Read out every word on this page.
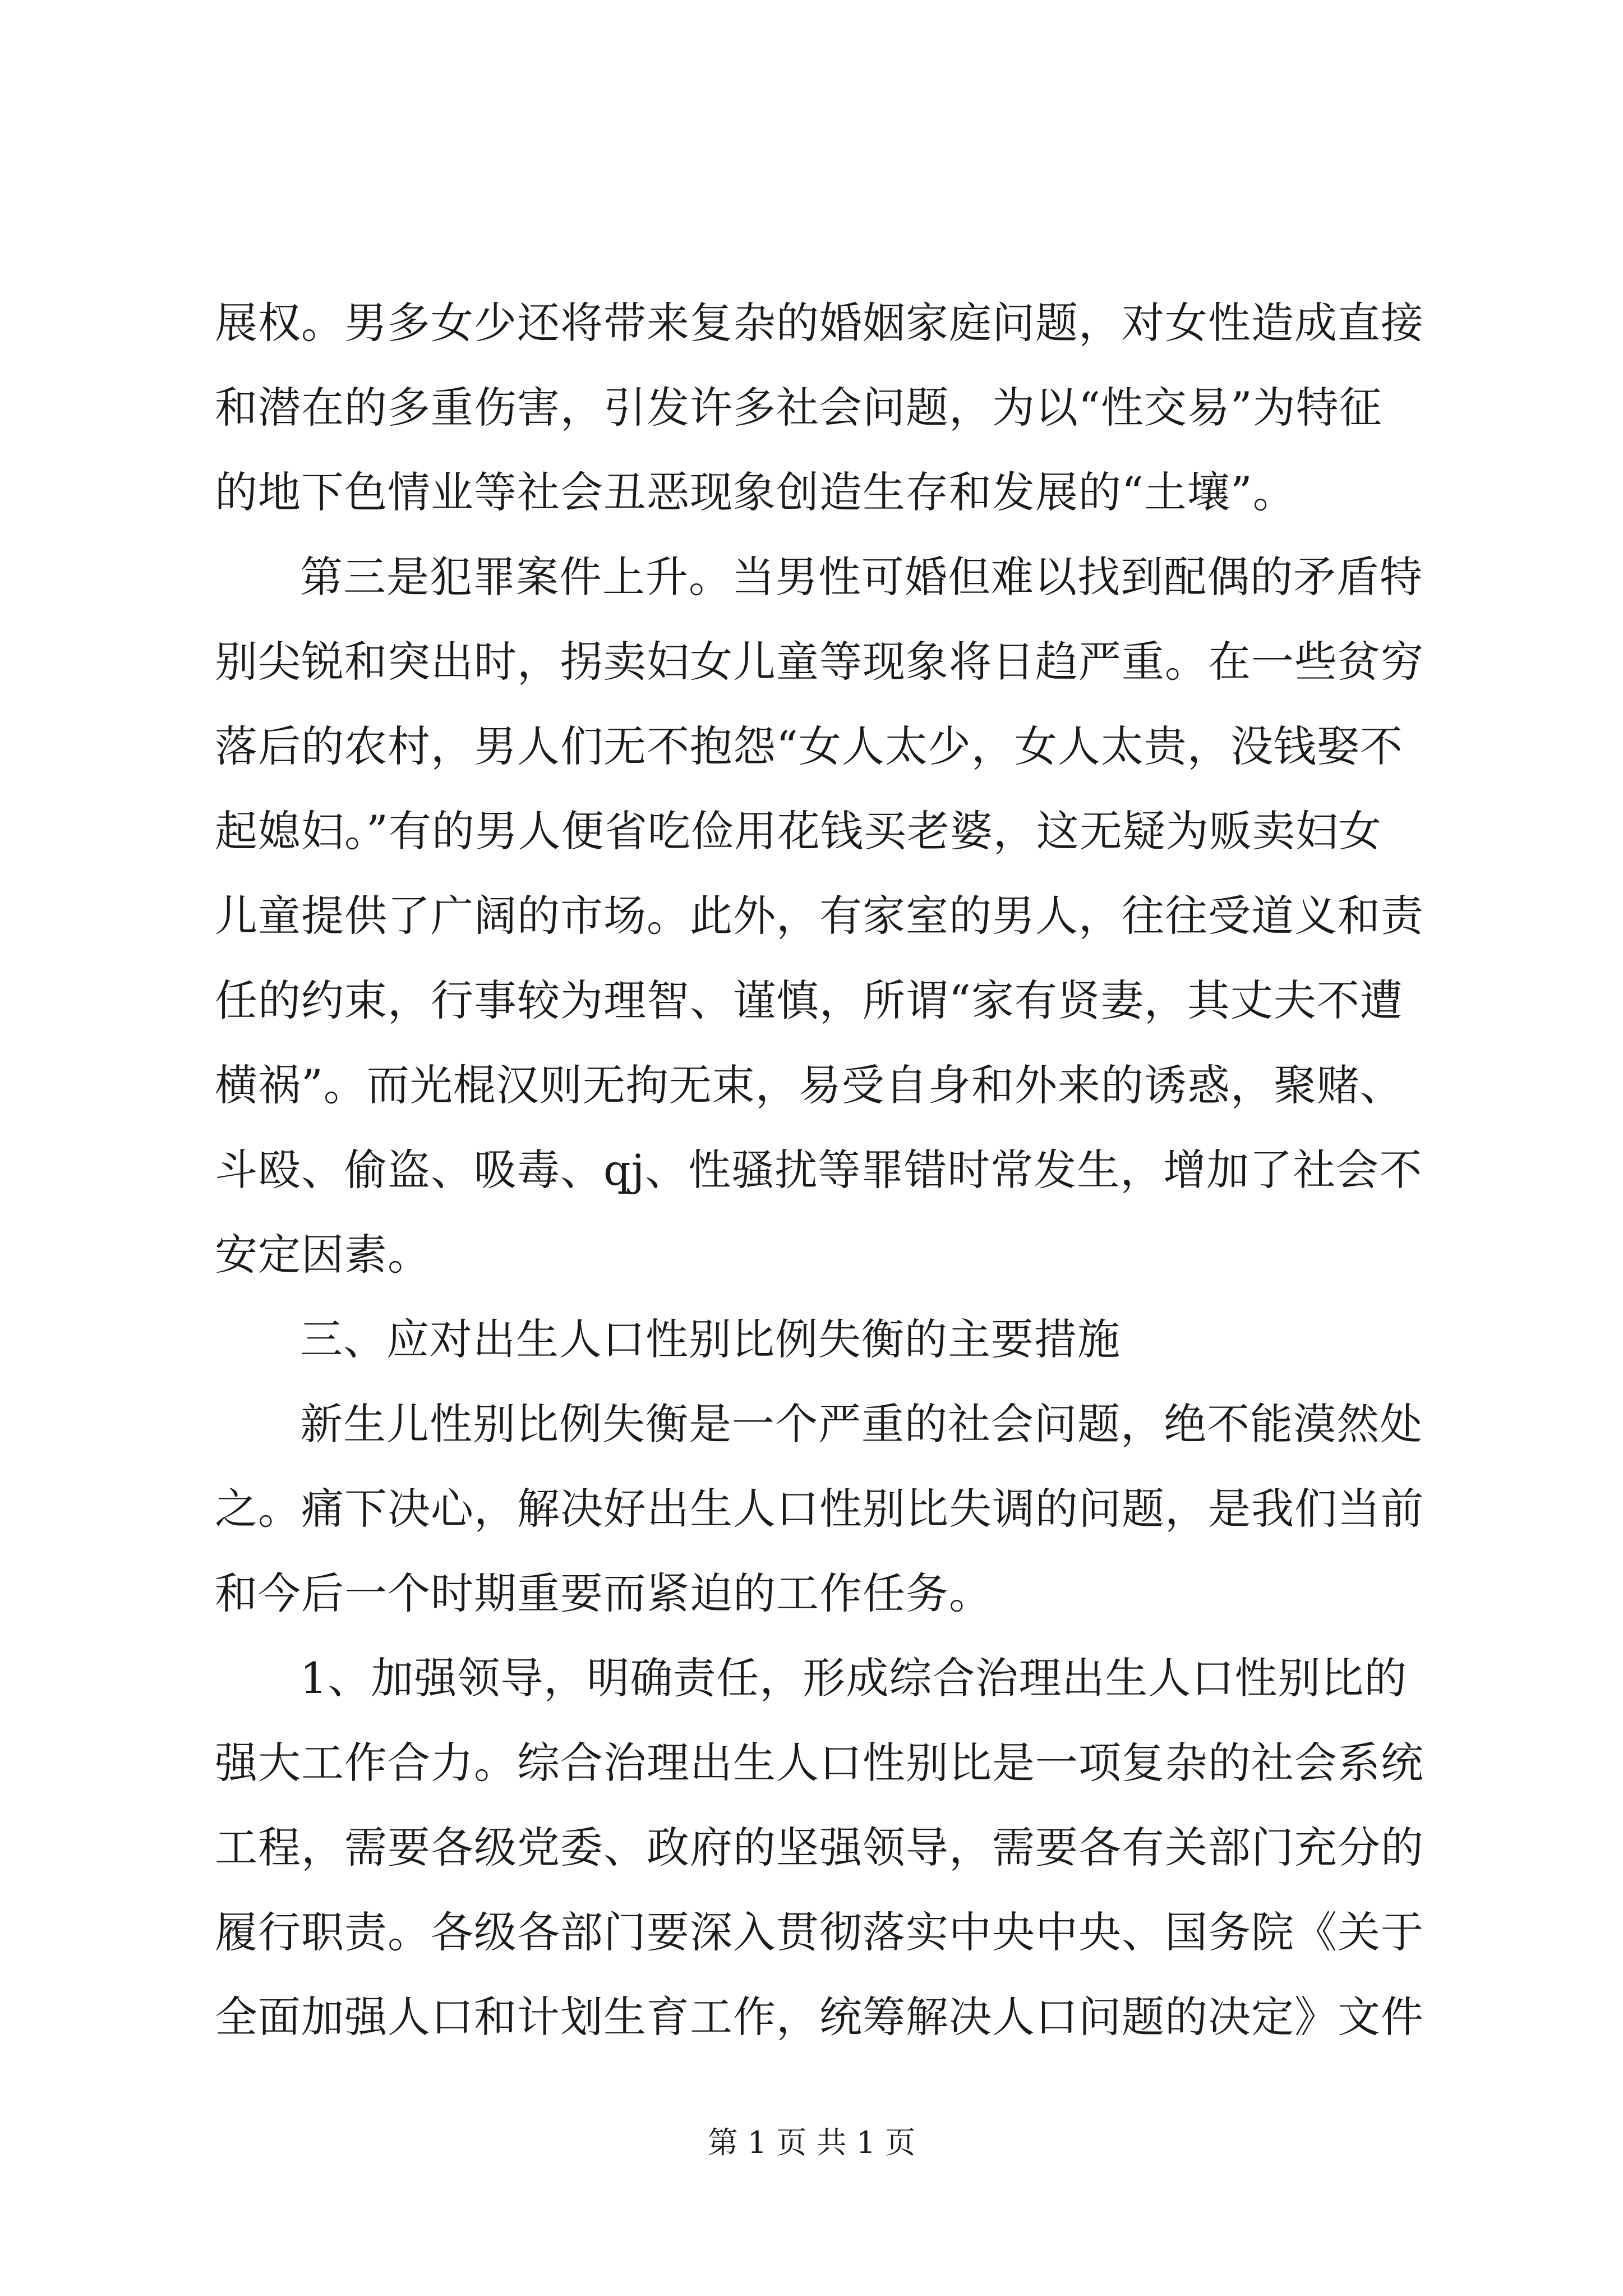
展权。男多女少还将带来复杂的婚姻家庭问题，对女性造成直接
和潜在的多重伤害，引发许多社会问题，为以“性交易”为特征
的地下色情业等社会丑恶现象创造生存和发展的“土壤”。
第三是犯罪案件上升。当男性可婚但难以找到配偶的矛盾特
别尖锐和突出时，拐卖妇女儿童等现象将日趋严重。在一些贫穷
落后的农村，男人们无不抱怨“女人太少，女人太贵，没钱娶不
起媳妇。”有的男人便省吃俭用花钱买老婆，这无疑为贩卖妇女
儿童提供了广阔的市场。此外，有家室的男人，往往受道义和责
任的约束，行事较为理智、谨慎，所谓“家有贤妻，其丈夫不遭
横祸”。而光棍汉则无拘无束，易受自身和外来的诱惑，聚赌、
斗殴、偷盗、吸毒、qj、性骚扰等罪错时常发生，增加了社会不
安定因素。
三、应对出生人口性别比例失衡的主要措施
新生儿性别比例失衡是一个严重的社会问题，绝不能漠然处
之。痛下决心，解决好出生人口性别比失调的问题，是我们当前
和今后一个时期重要而紧迫的工作任务。
1、加强领导，明确责任，形成综合治理出生人口性别比的
强大工作合力。综合治理出生人口性别比是一项复杂的社会系统
工程，需要各级党委、政府的坚强领导，需要各有关部门充分的
履行职责。各级各部门要深入贯彻落实中央中央、国务院《关于
全面加强人口和计划生育工作，统筹解决人口问题的决定》文件
第 1 页 共 1 页
